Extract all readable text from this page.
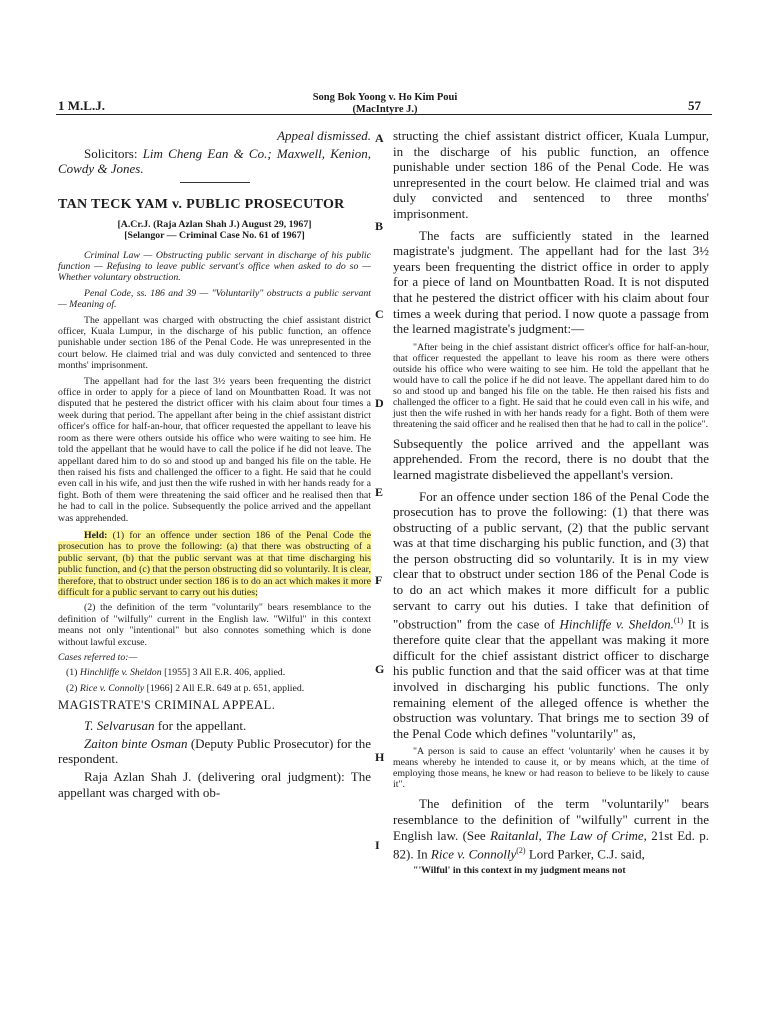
1 M.L.J.
Song Bok Yoong v. Ho Kim Poui
(MacIntyre J.)	57
A
B
C
D
E
F
G
H
I
Appeal dismissed.
Solicitors: Lim Cheng Ean & Co.; Maxwell, Kenion, Cowdy & Jones.
TAN TECK YAM v. PUBLIC PROSECUTOR
[A.Cr.J. (Raja Azlan Shah J.) August 29, 1967]
[Selangor — Criminal Case No. 61 of 1967]

Criminal Law — Obstructing public servant in discharge of his public function — Refusing to leave public servant's office when asked to do so — Whether voluntary obstruction.

Penal Code, ss. 186 and 39 — "Voluntarily" obstructs a public servant — Meaning of.

The appellant was charged with obstructing the chief assistant district officer, Kuala Lumpur, in the discharge of his public function, an offence punishable under section 186 of the Penal Code. He was unrepresented in the court below. He claimed trial and was duly convicted and sentenced to three months' imprisonment.

The appellant had for the last 3½ years been frequenting the district office in order to apply for a piece of land on Mountbatten Road. It was not disputed that he pestered the district officer with his claim about four times a week during that period. The appellant after being in the chief assistant district officer's office for half-an-hour, that officer requested the appellant to leave his room as there were others outside his office who were waiting to see him. He told the appellant that he would have to call the police if he did not leave. The appellant dared him to do so and stood up and banged his file on the table. He then raised his fists and challenged the officer to a fight. He said that he could even call in his wife, and just then the wife rushed in with her hands ready for a fight. Both of them were threatening the said officer and he realised then that he had to call in the police. Subsequently the police arrived and the appellant was apprehended.

Held: (1) for an offence under section 186 of the Penal Code the prosecution has to prove the following: (a) that there was obstructing of a public servant, (b) that the public servant was at that time discharging his public function, and (c) that the person obstructing did so voluntarily. It is clear, therefore, that to obstruct under section 186 is to do an act which makes it more difficult for a public servant to carry out his duties;

(2) the definition of the term "voluntarily" bears resemblance to the definition of "wilfully" current in the English law. "Wilful" in this context means not only "intentional" but also connotes something which is done without lawful excuse.

Cases referred to:—

(1) Hinchliffe v. Sheldon [1955] 3 All E.R. 406, applied.

(2) Rice v. Connolly [1966] 2 All E.R. 649 at p. 651, applied.

MAGISTRATE'S CRIMINAL APPEAL.

T. Selvarusan for the appellant.

Zaiton binte Osman (Deputy Public Prosecutor) for the respondent.

Raja Azlan Shah J. (delivering oral judgment): The appellant was charged with ob-

structing the chief assistant district officer, Kuala Lumpur, in the discharge of his public function, an offence punishable under section 186 of the Penal Code. He was unrepresented in the court below. He claimed trial and was duly convicted and sentenced to three months' imprisonment.

The facts are sufficiently stated in the learned magistrate's judgment. The appellant had for the last 3½ years been frequenting the district office in order to apply for a piece of land on Mountbatten Road. It is not disputed that he pestered the district officer with his claim about four times a week during that period. I now quote a passage from the learned magistrate's judgment:—

"After being in the chief assistant district officer's office for half-an-hour, that officer requested the appellant to leave his room as there were others outside his office who were waiting to see him. He told the appellant that he would have to call the police if he did not leave. The appellant dared him to do so and stood up and banged his file on the table. He then raised his fists and challenged the officer to a fight. He said that he could even call in his wife, and just then the wife rushed in with her hands ready for a fight. Both of them were threatening the said officer and he realised then that he had to call in the police".

Subsequently the police arrived and the appellant was apprehended. From the record, there is no doubt that the learned magistrate disbelieved the appellant's version.

For an offence under section 186 of the Penal Code the prosecution has to prove the following: (1) that there was obstructing of a public servant, (2) that the public servant was at that time discharging his public function, and (3) that the person obstructing did so voluntarily. It is in my view clear that to obstruct under section 186 of the Penal Code is to do an act which makes it more difficult for a public servant to carry out his duties. I take that definition of "obstruction" from the case of Hinchliffe v. Sheldon.$^{(1)}$ It is therefore quite clear that the appellant was making it more difficult for the chief assistant district officer to discharge his public function and that the said officer was at that time involved in discharging his public functions. The only remaining element of the alleged offence is whether the obstruction was voluntary. That brings me to section 39 of the Penal Code which defines "voluntarily" as,

"A person is said to cause an effect 'voluntarily' when he causes it by means whereby he intended to cause it, or by means which, at the time of employing those means, he knew or had reason to believe to be likely to cause it".

The definition of the term "voluntarily" bears resemblance to the definition of "wilfully" current in the English law. (See Raitanlal, The Law of Crime, 21st Ed. p. 82). In Rice v. Connolly$^{(2)}$ Lord Parker, C.J. said,

"'Wilful' in this context in my judgment means not
